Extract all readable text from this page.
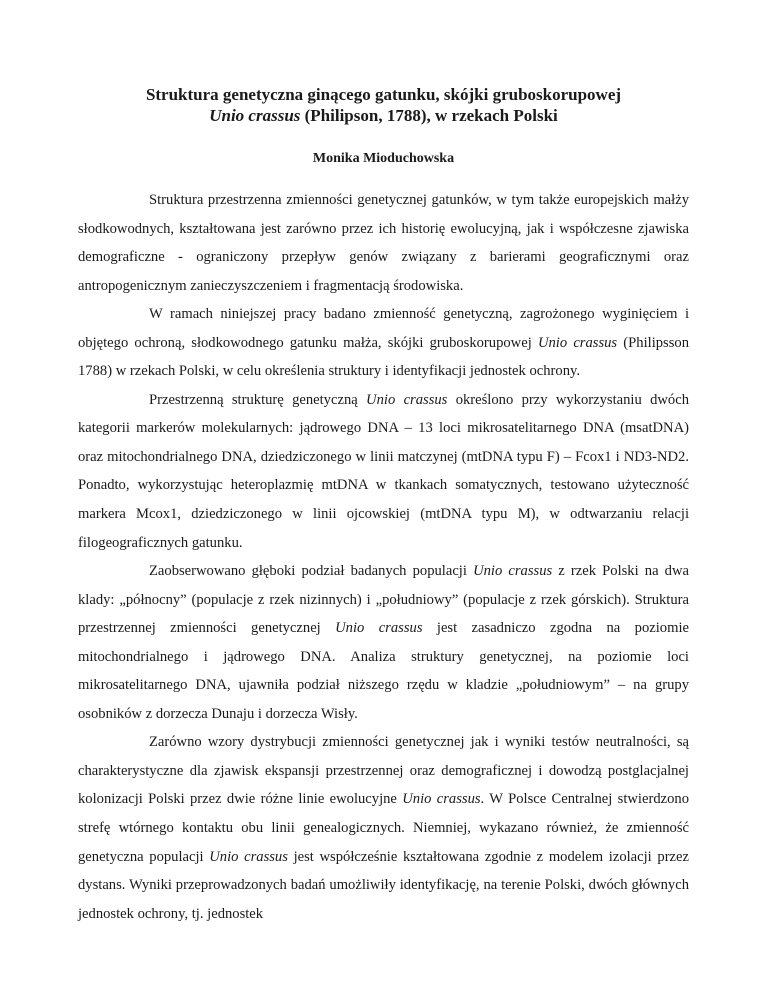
Struktura genetyczna ginącego gatunku, skójki gruboskorupowej
Unio crassus (Philipson, 1788), w rzekach Polski
Monika Mioduchowska

Struktura przestrzenna zmienności genetycznej gatunków, w tym także europejskich małży słodkowodnych, kształtowana jest zarówno przez ich historię ewolucyjną, jak i współczesne zjawiska demograficzne - ograniczony przepływ genów związany z barierami geograficznymi oraz antropogenicznym zanieczyszczeniem i fragmentacją środowiska.

W ramach niniejszej pracy badano zmienność genetyczną, zagrożonego wyginięciem i objętego ochroną, słodkowodnego gatunku małża, skójki gruboskorupowej Unio crassus (Philipsson 1788) w rzekach Polski, w celu określenia struktury i identyfikacji jednostek ochrony.

Przestrzenną strukturę genetyczną Unio crassus określono przy wykorzystaniu dwóch kategorii markerów molekularnych: jądrowego DNA – 13 loci mikrosatelitarnego DNA (msatDNA) oraz mitochondrialnego DNA, dziedziczonego w linii matczynej (mtDNA typu F) – Fcox1 i ND3-ND2. Ponadto, wykorzystując heteroplazmię mtDNA w tkankach somatycznych, testowano użyteczność markera Mcox1, dziedziczonego w linii ojcowskiej (mtDNA typu M), w odtwarzaniu relacji filogeograficznych gatunku.

Zaobserwowano głęboki podział badanych populacji Unio crassus z rzek Polski na dwa klady: „północny” (populacje z rzek nizinnych) i „południowy” (populacje z rzek górskich). Struktura przestrzennej zmienności genetycznej Unio crassus jest zasadniczo zgodna na poziomie mitochondrialnego i jądrowego DNA. Analiza struktury genetycznej, na poziomie loci mikrosatelitarnego DNA, ujawniła podział niższego rzędu w kladzie „południowym” – na grupy osobników z dorzecza Dunaju i dorzecza Wisły.

Zarówno wzory dystrybucji zmienności genetycznej jak i wyniki testów neutralności, są charakterystyczne dla zjawisk ekspansji przestrzennej oraz demograficznej i dowodzą postglacjalnej kolonizacji Polski przez dwie różne linie ewolucyjne Unio crassus. W Polsce Centralnej stwierdzono strefę wtórnego kontaktu obu linii genealogicznych. Niemniej, wykazano również, że zmienność genetyczna populacji Unio crassus jest współcześnie kształtowana zgodnie z modelem izolacji przez dystans. Wyniki przeprowadzonych badań umożliwiły identyfikację, na terenie Polski, dwóch głównych jednostek ochrony, tj. jednostek
